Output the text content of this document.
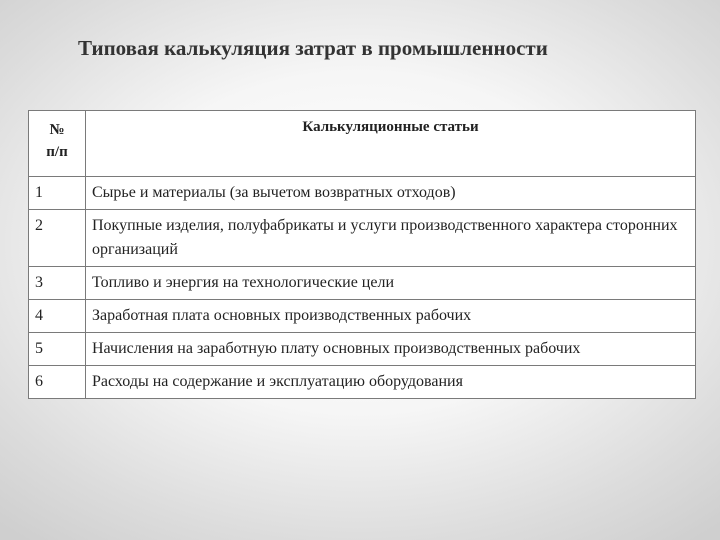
Типовая калькуляция затрат в промышленности
№
п/п	Калькуляционные статьи
1	Сырье и материалы (за вычетом возвратных отходов)
2	Покупные изделия, полуфабрикаты и услуги производственного характера сторонних организаций
3	Топливо и энергия на технологические цели
4	Заработная плата основных производственных рабочих
5	Начисления на заработную плату основных производственных рабочих
6	Расходы на содержание и эксплуатацию оборудования
